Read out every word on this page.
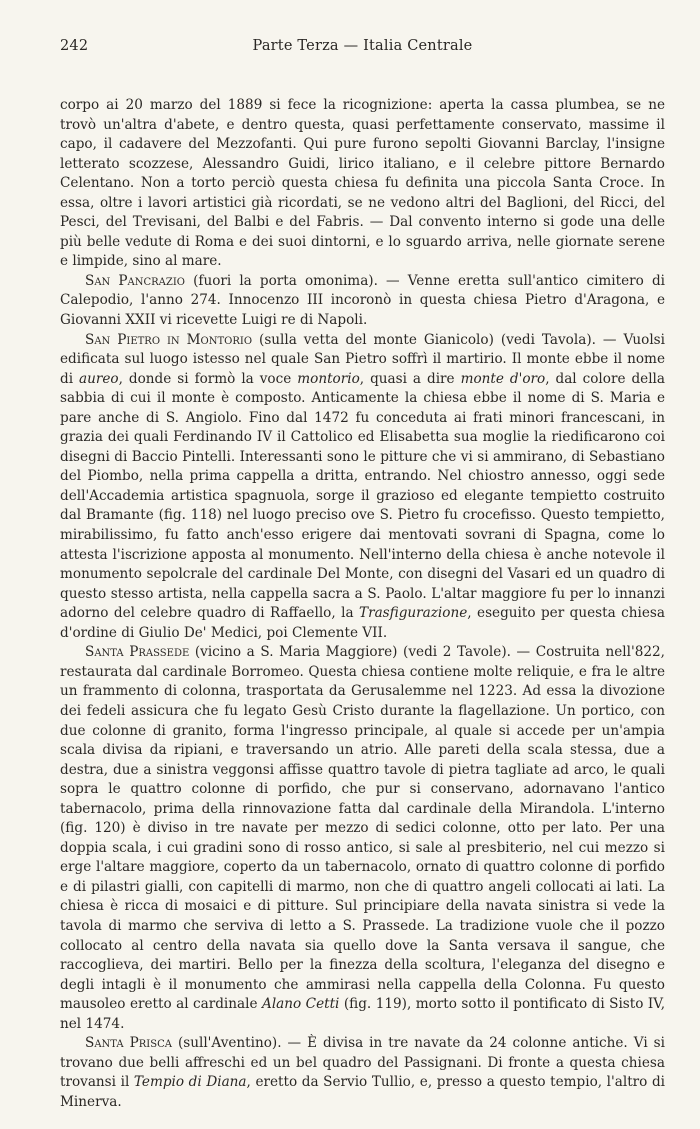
242	Parte Terza — Italia Centrale

corpo ai 20 marzo del 1889 si fece la ricognizione: aperta la cassa plumbea, se ne trovò un'altra d'abete, e dentro questa, quasi perfettamente conservato, massime il capo, il cadavere del Mezzofanti. Qui pure furono sepolti Giovanni Barclay, l'insigne letterato scozzese, Alessandro Guidi, lirico italiano, e il celebre pittore Bernardo Celentano. Non a torto perciò questa chiesa fu definita una piccola Santa Croce. In essa, oltre i lavori artistici già ricordati, se ne vedono altri del Baglioni, del Ricci, del Pesci, del Trevisani, del Balbi e del Fabris. — Dal convento interno si gode una delle più belle vedute di Roma e dei suoi dintorni, e lo sguardo arriva, nelle giornate serene e limpide, sino al mare.

San Pancrazio (fuori la porta omonima). — Venne eretta sull'antico cimitero di Calepodio, l'anno 274. Innocenzo III incoronò in questa chiesa Pietro d'Aragona, e Giovanni XXII vi ricevette Luigi re di Napoli.

San Pietro in Montorio (sulla vetta del monte Gianicolo) (vedi Tavola). — Vuolsi edificata sul luogo istesso nel quale San Pietro soffrì il martirio. Il monte ebbe il nome di aureo, donde si formò la voce montorio, quasi a dire monte d'oro, dal colore della sabbia di cui il monte è composto. Anticamente la chiesa ebbe il nome di S. Maria e pare anche di S. Angiolo. Fino dal 1472 fu conceduta ai frati minori francescani, in grazia dei quali Ferdinando IV il Cattolico ed Elisabetta sua moglie la riedificarono coi disegni di Baccio Pintelli. Interessanti sono le pitture che vi si ammirano, di Sebastiano del Piombo, nella prima cappella a dritta, entrando. Nel chiostro annesso, oggi sede dell'Accademia artistica spagnuola, sorge il grazioso ed elegante tempietto costruito dal Bramante (fig. 118) nel luogo preciso ove S. Pietro fu crocefisso. Questo tempietto, mirabilissimo, fu fatto anch'esso erigere dai mentovati sovrani di Spagna, come lo attesta l'iscrizione apposta al monumento. Nell'interno della chiesa è anche notevole il monumento sepolcrale del cardinale Del Monte, con disegni del Vasari ed un quadro di questo stesso artista, nella cappella sacra a S. Paolo. L'altar maggiore fu per lo innanzi adorno del celebre quadro di Raffaello, la Trasfigurazione, eseguito per questa chiesa d'ordine di Giulio De' Medici, poi Clemente VII.

Santa Prassede (vicino a S. Maria Maggiore) (vedi 2 Tavole). — Costruita nell'822, restaurata dal cardinale Borromeo. Questa chiesa contiene molte reliquie, e fra le altre un frammento di colonna, trasportata da Gerusalemme nel 1223. Ad essa la divozione dei fedeli assicura che fu legato Gesù Cristo durante la flagellazione. Un portico, con due colonne di granito, forma l'ingresso principale, al quale si accede per un'ampia scala divisa da ripiani, e traversando un atrio. Alle pareti della scala stessa, due a destra, due a sinistra veggonsi affisse quattro tavole di pietra tagliate ad arco, le quali sopra le quattro colonne di porfido, che pur si conservano, adornavano l'antico tabernacolo, prima della rinnovazione fatta dal cardinale della Mirandola. L'interno (fig. 120) è diviso in tre navate per mezzo di sedici colonne, otto per lato. Per una doppia scala, i cui gradini sono di rosso antico, si sale al presbiterio, nel cui mezzo si erge l'altare maggiore, coperto da un tabernacolo, ornato di quattro colonne di porfido e di pilastri gialli, con capitelli di marmo, non che di quattro angeli collocati ai lati. La chiesa è ricca di mosaici e di pitture. Sul principiare della navata sinistra si vede la tavola di marmo che serviva di letto a S. Prassede. La tradizione vuole che il pozzo collocato al centro della navata sia quello dove la Santa versava il sangue, che raccoglieva, dei martiri. Bello per la finezza della scoltura, l'eleganza del disegno e degli intagli è il monumento che ammirasi nella cappella della Colonna. Fu questo mausoleo eretto al cardinale Alano Cetti (fig. 119), morto sotto il pontificato di Sisto IV, nel 1474.

Santa Prisca (sull'Aventino). — È divisa in tre navate da 24 colonne antiche. Vi si trovano due belli affreschi ed un bel quadro del Passignani. Di fronte a questa chiesa trovansi il Tempio di Diana, eretto da Servio Tullio, e, presso a questo tempio, l'altro di Minerva.
